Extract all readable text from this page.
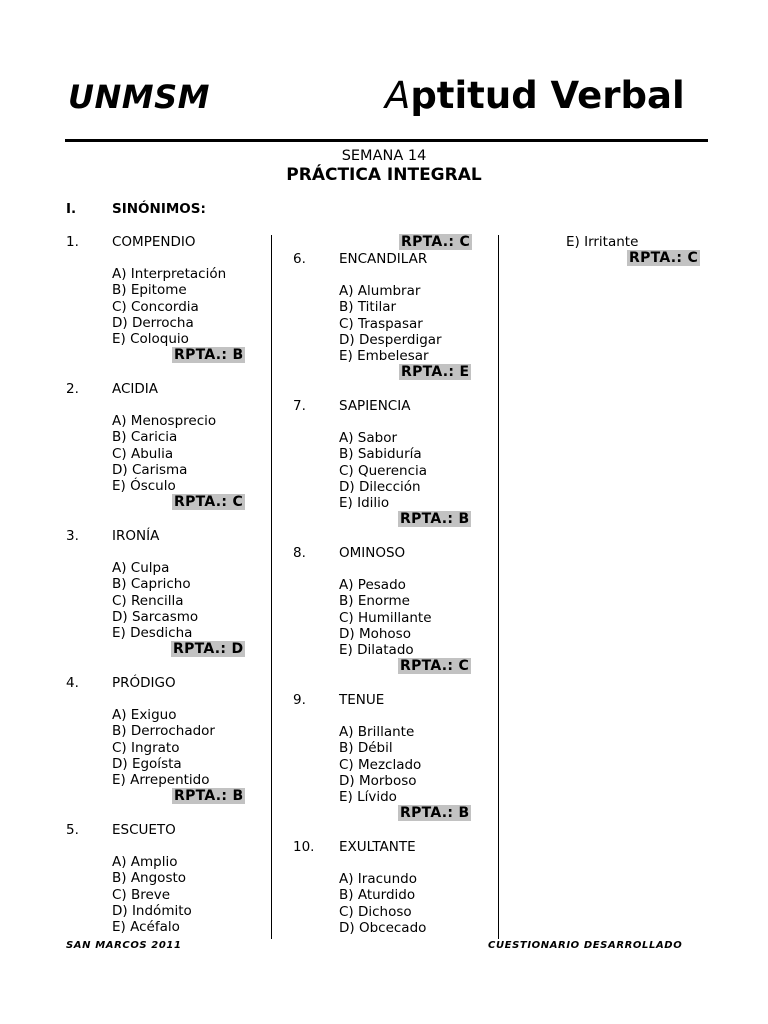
UNMSM	Aptitud Verbal
SEMANA 14
PRÁCTICA INTEGRAL
I.	SINÓNIMOS:
1. COMPENDIO
A) Interpretación
B) Epitome
C) Concordia
D) Derrocha
E) Coloquio
RPTA.: B
2. ACIDIA
A) Menosprecio
B) Caricia
C) Abulia
D) Carisma
E) Ósculo
RPTA.: C
3. IRONÍA
A) Culpa
B) Capricho
C) Rencilla
D) Sarcasmo
E) Desdicha
RPTA.: D
4. PRÓDIGO
A) Exiguo
B) Derrochador
C) Ingrato
D) Egoísta
E) Arrepentido
RPTA.: B
5. ESCUETO
A) Amplio
B) Angosto
C) Breve
D) Indómito
E) Acéfalo
RPTA.: C
6. ENCANDILAR
A) Alumbrar
B) Titilar
C) Traspasar
D) Desperdigar
E) Embelesar
RPTA.: E
7. SAPIENCIA
A) Sabor
B) Sabiduría
C) Querencia
D) Dilección
E) Idilio
RPTA.: B
8. OMINOSO
A) Pesado
B) Enorme
C) Humillante
D) Mohoso
E) Dilatado
RPTA.: C
9. TENUE
A) Brillante
B) Débil
C) Mezclado
D) Morboso
E) Lívido
RPTA.: B
10. EXULTANTE
A) Iracundo
B) Aturdido
C) Dichoso
D) Obcecado
E) Irritante
RPTA.: C
SAN MARCOS 2011	CUESTIONARIO DESARROLLADO
